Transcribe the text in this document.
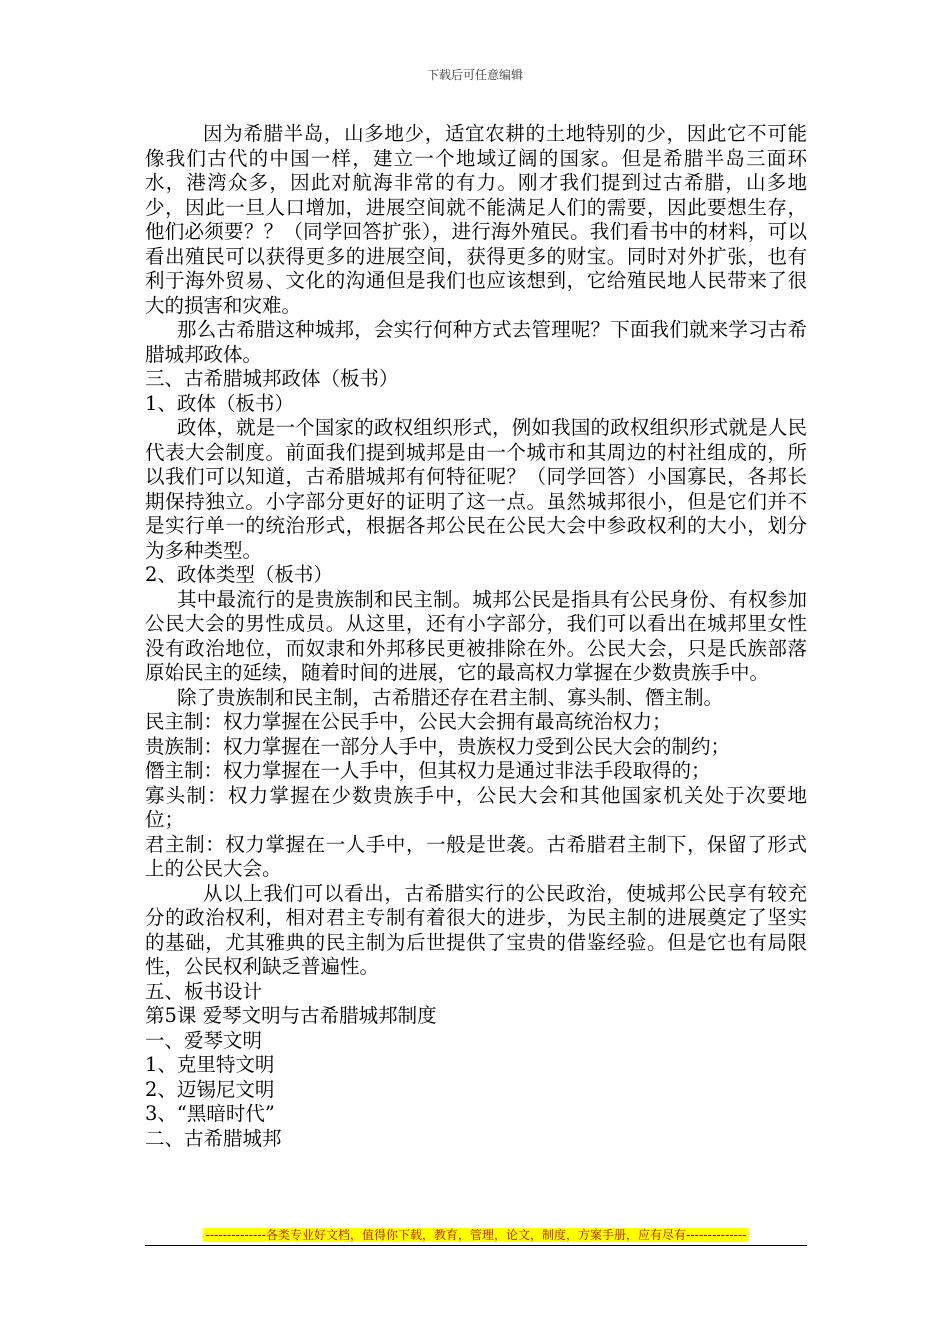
下载后可任意编辑

因为希腊半岛，山多地少，适宜农耕的土地特别的少，因此它不可能像我们古代的中国一样，建立一个地域辽阔的国家。但是希腊半岛三面环水，港湾众多，因此对航海非常的有力。刚才我们提到过古希腊，山多地少，因此一旦人口增加，进展空间就不能满足人们的需要，因此要想生存，他们必须要？？（同学回答扩张），进行海外殖民。我们看书中的材料，可以看出殖民可以获得更多的进展空间，获得更多的财宝。同时对外扩张，也有利于海外贸易、文化的沟通但是我们也应该想到，它给殖民地人民带来了很大的损害和灾难。

那么古希腊这种城邦，会实行何种方式去管理呢？下面我们就来学习古希腊城邦政体。

三、古希腊城邦政体（板书）

1、政体（板书）

政体，就是一个国家的政权组织形式，例如我国的政权组织形式就是人民代表大会制度。前面我们提到城邦是由一个城市和其周边的村社组成的，所以我们可以知道，古希腊城邦有何特征呢？（同学回答）小国寡民，各邦长期保持独立。小字部分更好的证明了这一点。虽然城邦很小，但是它们并不是实行单一的统治形式，根据各邦公民在公民大会中参政权利的大小，划分为多种类型。

2、政体类型（板书）

其中最流行的是贵族制和民主制。城邦公民是指具有公民身份、有权参加公民大会的男性成员。从这里，还有小字部分，我们可以看出在城邦里女性没有政治地位，而奴隶和外邦移民更被排除在外。公民大会，只是氏族部落原始民主的延续，随着时间的进展，它的最高权力掌握在少数贵族手中。

除了贵族制和民主制，古希腊还存在君主制、寡头制、僭主制。

民主制：权力掌握在公民手中，公民大会拥有最高统治权力；

贵族制：权力掌握在一部分人手中，贵族权力受到公民大会的制约；

僭主制：权力掌握在一人手中，但其权力是通过非法手段取得的；

寡头制：权力掌握在少数贵族手中，公民大会和其他国家机关处于次要地位；

君主制：权力掌握在一人手中，一般是世袭。古希腊君主制下，保留了形式上的公民大会。

从以上我们可以看出，古希腊实行的公民政治，使城邦公民享有较充分的政治权利，相对君主专制有着很大的进步，为民主制的进展奠定了坚实的基础，尤其雅典的民主制为后世提供了宝贵的借鉴经验。但是它也有局限性，公民权利缺乏普遍性。

五、板书设计

第5课 爱琴文明与古希腊城邦制度

一、爱琴文明

1、克里特文明

2、迈锡尼文明

3、“黑暗时代”

二、古希腊城邦

--------------各类专业好文档，值得你下载，教育，管理，论文，制度，方案手册，应有尽有--------------
